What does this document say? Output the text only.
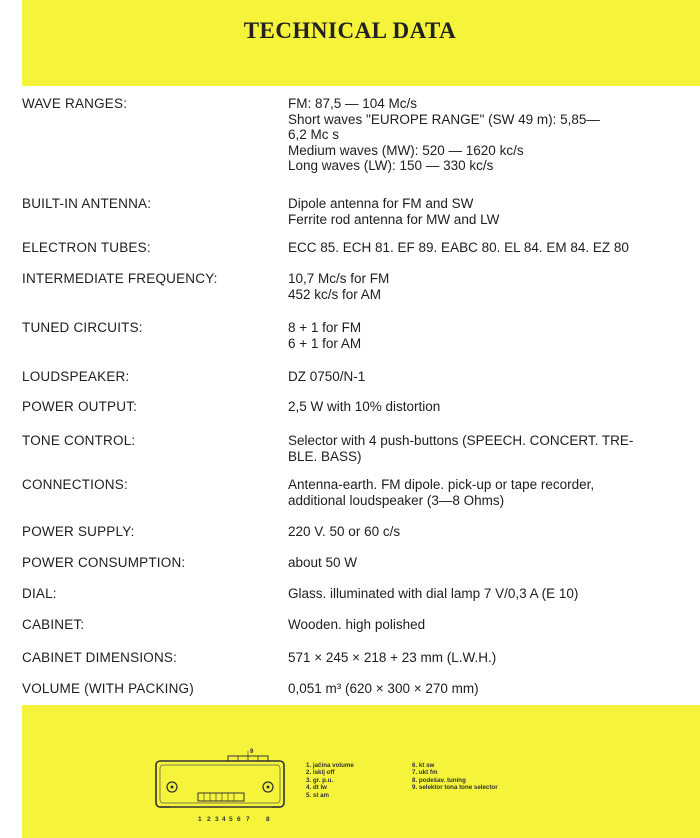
TECHNICAL DATA
WAVE RANGES:	FM: 87,5 — 104 Mc/s
Short waves "EUROPE RANGE" (SW 49 m): 5,85—
6,2 Mc s
Medium waves (MW): 520 — 1620 kc/s
Long waves (LW): 150 — 330 kc/s
BUILT-IN ANTENNA:	Dipole antenna for FM and SW
Ferrite rod antenna for MW and LW
ELECTRON TUBES:	ECC 85. ECH 81. EF 89. EABC 80. EL 84. EM 84. EZ 80
INTERMEDIATE FREQUENCY:	10,7 Mc/s for FM
452 kc/s for AM
TUNED CIRCUITS:	8 + 1 for FM
6 + 1 for AM
LOUDSPEAKER:	DZ 0750/N-1
POWER OUTPUT:	2,5 W with 10% distortion
TONE CONTROL:	Selector with 4 push-buttons (SPEECH. CONCERT. TRE-
BLE. BASS)
CONNECTIONS:	Antenna-earth. FM dipole. pick-up or tape recorder,
additional loudspeaker (3—8 Ohms)
POWER SUPPLY:	220 V. 50 or 60 c/s
POWER CONSUMPTION:	about 50 W
DIAL:	Glass. illuminated with dial lamp 7 V/0,3 A (E 10)
CABINET:	Wooden. high polished
CABINET DIMENSIONS:	571 × 245 × 218 + 23 mm (L.W.H.)
VOLUME (WITH PACKING)	0,051 m³ (620 × 300 × 270 mm)
9
1 2 3 4 5 6 7	8
1. jačina volume	6. kt sw
2. isklj off	7. ukt fm
3. gr. p.u.	8. podešav. tuning
4. dt lw	9. selektor tona tone selector
5. st am
